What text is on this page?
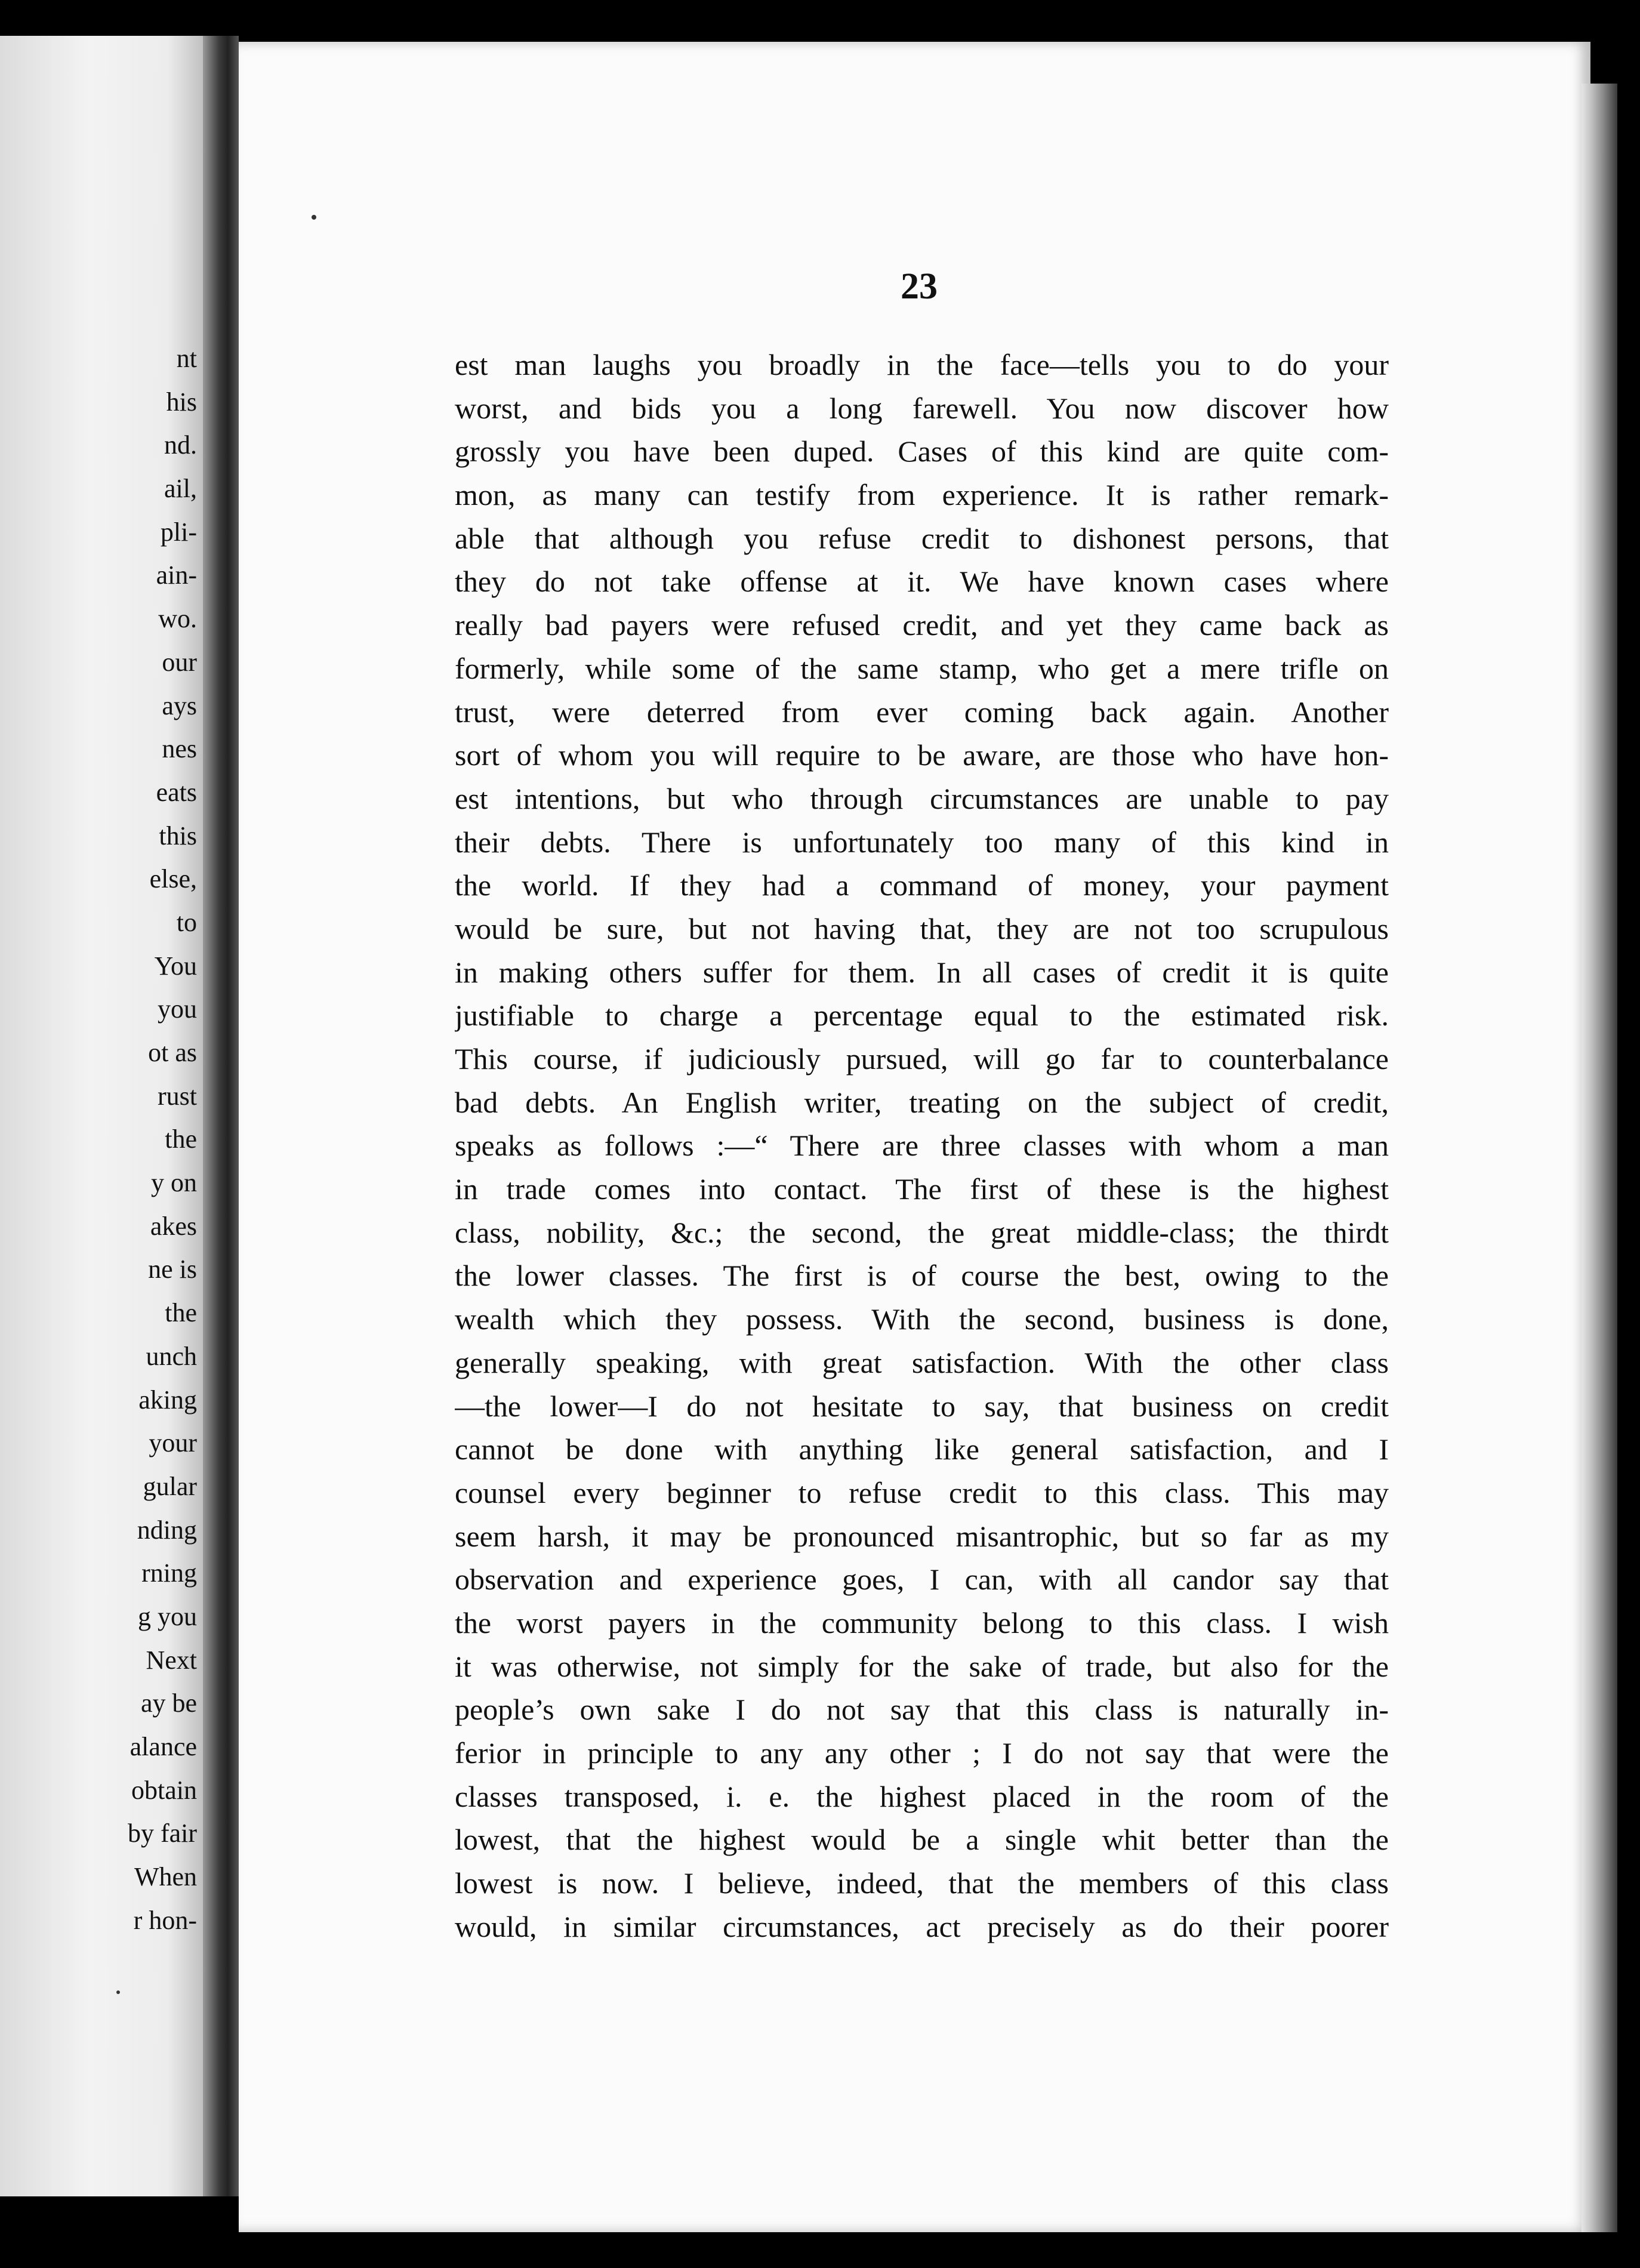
nt
his
nd.
ail,
pli-
ain-
wo.
our
ays
nes
eats
this
else,
to
You
you
ot as
rust
the
y on
akes
ne is
the
unch
aking
your
gular
nding
rning
g you
Next
ay be
alance
obtain
by fair
When
r hon-
23
est man laughs you broadly in the face—tells you to do your
worst, and bids you a long farewell. You now discover how
grossly you have been duped. Cases of this kind are quite com-
mon, as many can testify from experience. It is rather remark-
able that although you refuse credit to dishonest persons, that
they do not take offense at it. We have known cases where
really bad payers were refused credit, and yet they came back as
formerly, while some of the same stamp, who get a mere trifle on
trust, were deterred from ever coming back again. Another
sort of whom you will require to be aware, are those who have hon-
est intentions, but who through circumstances are unable to pay
their debts. There is unfortunately too many of this kind in
the world. If they had a command of money, your payment
would be sure, but not having that, they are not too scrupulous
in making others suffer for them. In all cases of credit it is quite
justifiable to charge a percentage equal to the estimated risk.
This course, if judiciously pursued, will go far to counterbalance
bad debts. An English writer, treating on the subject of credit,
speaks as follows :—“ There are three classes with whom a man
in trade comes into contact. The first of these is the highest
class, nobility, &c.; the second, the great middle-class; the thirdt
the lower classes. The first is of course the best, owing to the
wealth which they possess. With the second, business is done,
generally speaking, with great satisfaction. With the other class
—the lower—I do not hesitate to say, that business on credit
cannot be done with anything like general satisfaction, and I
counsel every beginner to refuse credit to this class. This may
seem harsh, it may be pronounced misantrophic, but so far as my
observation and experience goes, I can, with all candor say that
the worst payers in the community belong to this class. I wish
it was otherwise, not simply for the sake of trade, but also for the
people’s own sake I do not say that this class is naturally in-
ferior in principle to any any other ; I do not say that were the
classes transposed, i. e. the highest placed in the room of the
lowest, that the highest would be a single whit better than the
lowest is now. I believe, indeed, that the members of this class
would, in similar circumstances, act precisely as do their poorer
